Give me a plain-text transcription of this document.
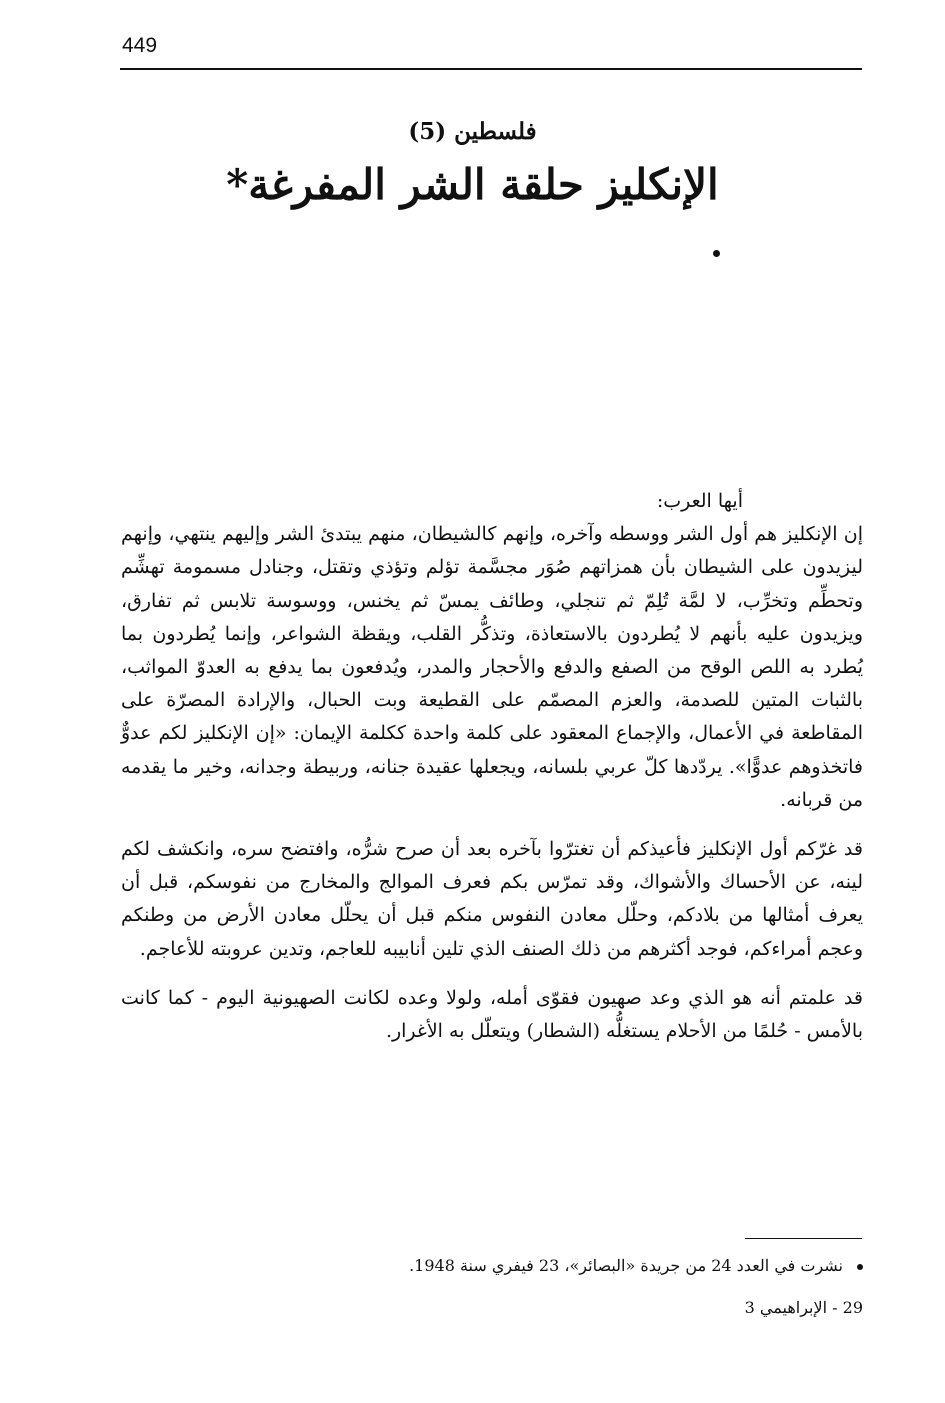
449
فلسطين (5)
الإنكليز حلقة الشر المفرغة*

أيها العرب:

إن الإنكليز هم أول الشر ووسطه وآخره، وإنهم كالشيطان، منهم يبتدئ الشر وإليهم ينتهي، وإنهم ليزيدون على الشيطان بأن همزاتهم صُوَر مجسَّمة تؤلم وتؤذي وتقتل، وجنادل مسمومة تهشِّم وتحطِّم وتخرِّب، لا لمَّة تُلِمّ ثم تنجلي، وطائف يمسّ ثم يخنس، ووسوسة تلابس ثم تفارق، ويزيدون عليه بأنهم لا يُطردون بالاستعاذة، وتذكُّر القلب، ويقظة الشواعر، وإنما يُطردون بما يُطرد به اللص الوقح من الصفع والدفع والأحجار والمدر، ويُدفعون بما يدفع به العدوّ المواثب، بالثبات المتين للصدمة، والعزم المصمّم على القطيعة وبت الحبال، والإرادة المصرّة على المقاطعة في الأعمال، والإجماع المعقود على كلمة واحدة ككلمة الإيمان: «إن الإنكليز لكم عدوٌّ فاتخذوهم عدوًّا». يردّدها كلّ عربي بلسانه، ويجعلها عقيدة جنانه، وربيطة وجدانه، وخير ما يقدمه من قربانه.

قد غرّكم أول الإنكليز فأعيذكم أن تغترّوا بآخره بعد أن صرح شرُّه، وافتضح سره، وانكشف لكم لينه، عن الأحساك والأشواك، وقد تمرّس بكم فعرف الموالج والمخارج من نفوسكم، قبل أن يعرف أمثالها من بلادكم، وحلّل معادن النفوس منكم قبل أن يحلّل معادن الأرض من وطنكم وعجم أمراءكم، فوجد أكثرهم من ذلك الصنف الذي تلين أنابيبه للعاجم، وتدين عروبته للأعاجم.

قد علمتم أنه هو الذي وعد صهيون فقوّى أمله، ولولا وعده لكانت الصهيونية اليوم - كما كانت بالأمس - حُلمًا من الأحلام يستغلُّه (الشطار) ويتعلّل به الأغرار.

نشرت في العدد 24 من جريدة «البصائر»، 23 فيفري سنة 1948.
29 - الإبراهيمي 3
